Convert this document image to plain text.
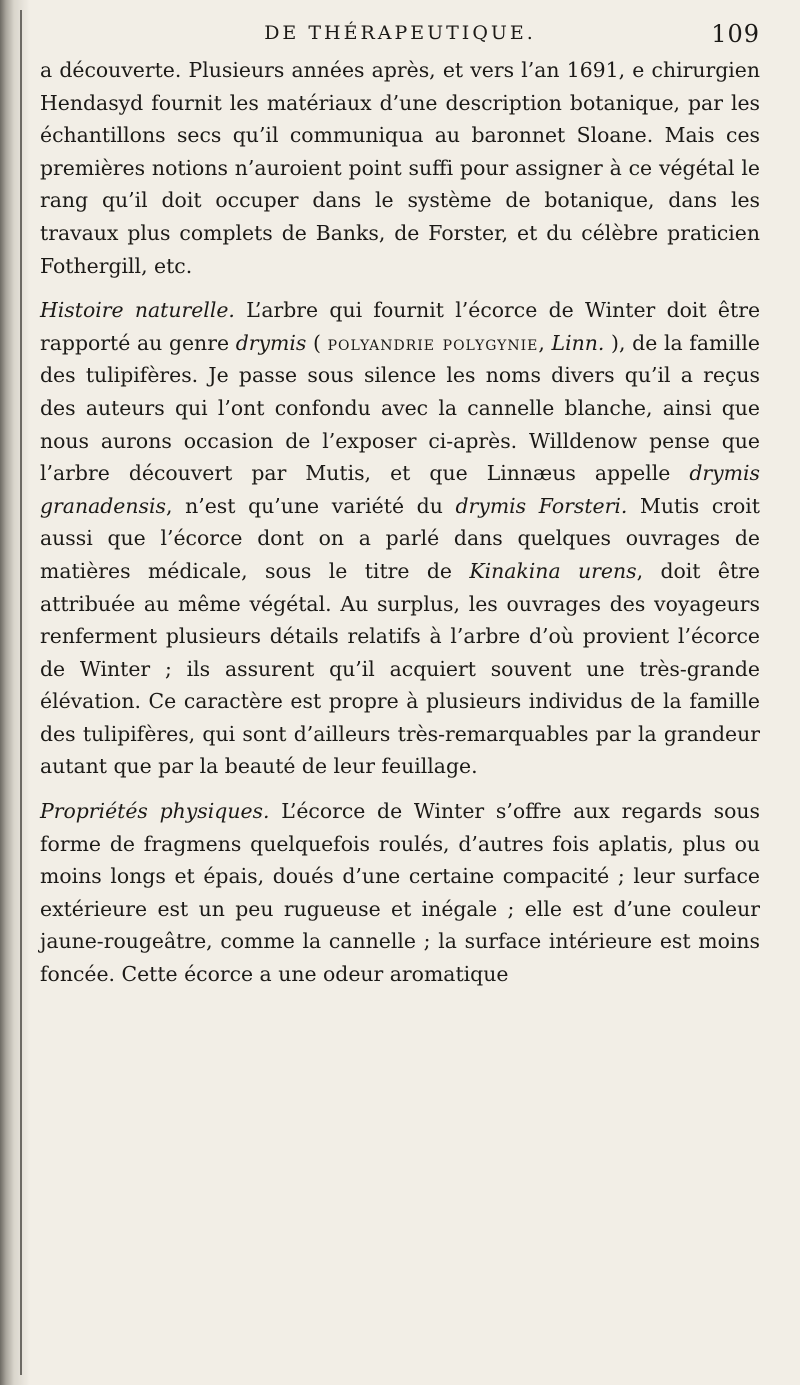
DE THÉRAPEUTIQUE.	109

a découverte. Plusieurs années après, et vers l’an 1691, e chirurgien Hendasyd fournit les matériaux d’une description botanique, par les échantillons secs qu’il communiqua au baronnet Sloane. Mais ces premières notions n’auroient point suffi pour assigner à ce végétal le rang qu’il doit occuper dans le système de botanique, dans les travaux plus complets de Banks, de Forster, et du célèbre praticien Fothergill, etc.

Histoire naturelle. L’arbre qui fournit l’écorce de Winter doit être rapporté au genre drymis ( polyandrie polygynie, Linn. ), de la famille des tulipifères. Je passe sous silence les noms divers qu’il a reçus des auteurs qui l’ont confondu avec la cannelle blanche, ainsi que nous aurons occasion de l’exposer ci-après. Willdenow pense que l’arbre découvert par Mutis, et que Linnæus appelle drymis granadensis, n’est qu’une variété du drymis Forsteri. Mutis croit aussi que l’écorce dont on a parlé dans quelques ouvrages de matières médicale, sous le titre de Kinakina urens, doit être attribuée au même végétal. Au surplus, les ouvrages des voyageurs renferment plusieurs détails relatifs à l’arbre d’où provient l’écorce de Winter ; ils assurent qu’il acquiert souvent une très-grande élévation. Ce caractère est propre à plusieurs individus de la famille des tulipifères, qui sont d’ailleurs très-remarquables par la grandeur autant que par la beauté de leur feuillage.

Propriétés physiques. L’écorce de Winter s’offre aux regards sous forme de fragmens quelquefois roulés, d’autres fois aplatis, plus ou moins longs et épais, doués d’une certaine compacité ; leur surface extérieure est un peu rugueuse et inégale ; elle est d’une couleur jaune-rougeâtre, comme la cannelle ; la surface intérieure est moins foncée. Cette écorce a une odeur aromatique
